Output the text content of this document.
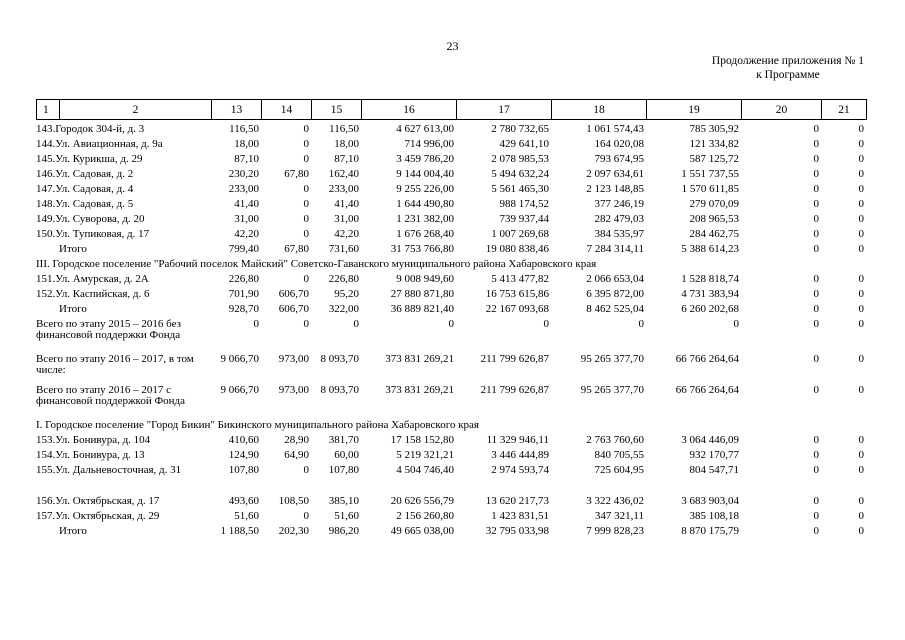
23
Продолжение приложения № 1
к Программе
1	2	13	14	15	16	17	18	19	20	21
143.Городок 304-й, д. 3	116,50	0	116,50	4 627 613,00	2 780 732,65	1 061 574,43	785 305,92	0	0
144.Ул. Авиационная, д. 9а	18,00	0	18,00	714 996,00	429 641,10	164 020,08	121 334,82	0	0
145.Ул. Курикша, д. 29	87,10	0	87,10	3 459 786,20	2 078 985,53	793 674,95	587 125,72	0	0
146.Ул. Садовая, д. 2	230,20	67,80	162,40	9 144 004,40	5 494 632,24	2 097 634,61	1 551 737,55	0	0
147.Ул. Садовая, д. 4	233,00	0	233,00	9 255 226,00	5 561 465,30	2 123 148,85	1 570 611,85	0	0
148.Ул. Садовая, д. 5	41,40	0	41,40	1 644 490,80	988 174,52	377 246,19	279 070,09	0	0
149.Ул. Суворова, д. 20	31,00	0	31,00	1 231 382,00	739 937,44	282 479,03	208 965,53	0	0
150.Ул. Тупиковая, д. 17	42,20	0	42,20	1 676 268,40	1 007 269,68	384 535,97	284 462,75	0	0
Итого	799,40	67,80	731,60	31 753 766,80	19 080 838,46	7 284 314,11	5 388 614,23	0	0
III. Городское поселение "Рабочий поселок Майский" Советско-Гаванского муниципального района Хабаровского края									
151.Ул. Амурская, д. 2А	226,80	0	226,80	9 008 949,60	5 413 477,82	2 066 653,04	1 528 818,74	0	0
152.Ул. Каспийская, д. 6	701,90	606,70	95,20	27 880 871,80	16 753 615,86	6 395 872,00	4 731 383,94	0	0
Итого	928,70	606,70	322,00	36 889 821,40	22 167 093,68	8 462 525,04	6 260 202,68	0	0
Всего по этапу 2015 – 2016 без финансовой поддержки Фонда	0	0	0	0	0	0	0	0	0
Всего по этапу 2016 – 2017, в том числе:	9 066,70	973,00	8 093,70	373 831 269,21	211 799 626,87	95 265 377,70	66 766 264,64	0	0
Всего по этапу 2016 – 2017 с финансовой поддержкой Фонда	9 066,70	973,00	8 093,70	373 831 269,21	211 799 626,87	95 265 377,70	66 766 264,64	0	0
I. Городское поселение "Город Бикин" Бикинского муниципального района Хабаровского края									
153.Ул. Бонивура, д. 104	410,60	28,90	381,70	17 158 152,80	11 329 946,11	2 763 760,60	3 064 446,09	0	0
154.Ул. Бонивура, д. 13	124,90	64,90	60,00	5 219 321,21	3 446 444,89	840 705,55	932 170,77	0	0
155.Ул. Дальневосточная, д. 31	107,80	0	107,80	4 504 746,40	2 974 593,74	725 604,95	804 547,71	0	0
156.Ул. Октябрьская, д. 17	493,60	108,50	385,10	20 626 556,79	13 620 217,73	3 322 436,02	3 683 903,04	0	0
157.Ул. Октябрьская, д. 29	51,60	0	51,60	2 156 260,80	1 423 831,51	347 321,11	385 108,18	0	0
Итого	1 188,50	202,30	986,20	49 665 038,00	32 795 033,98	7 999 828,23	8 870 175,79	0	0
